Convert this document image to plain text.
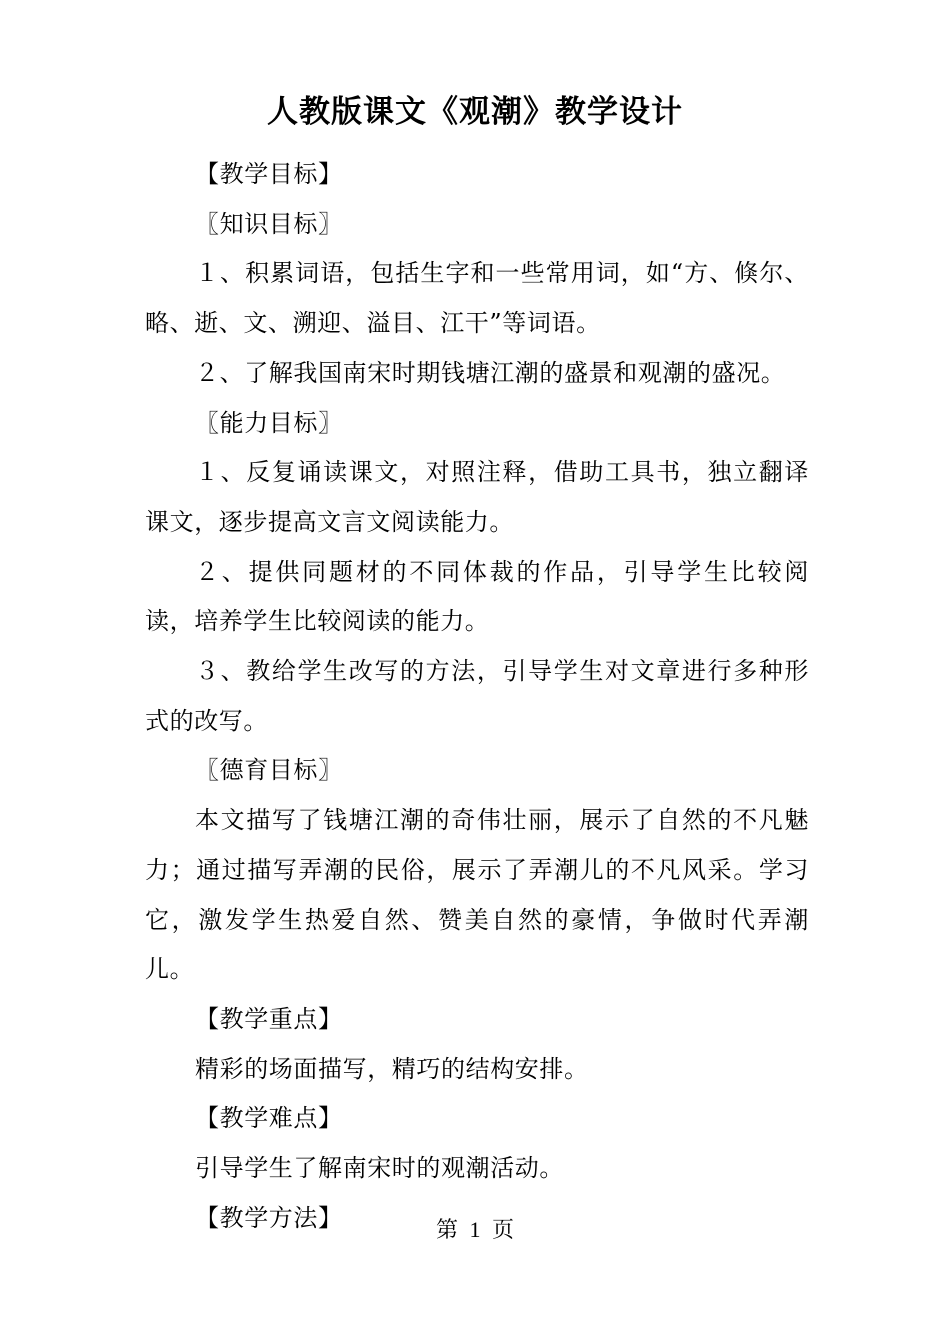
人教版课文《观潮》教学设计

【教学目标】

〖知识目标〗

１、积累词语，包括生字和一些常用词，如“方、倏尔、略、逝、文、溯迎、溢目、江干”等词语。

２、了解我国南宋时期钱塘江潮的盛景和观潮的盛况。

〖能力目标〗

１、反复诵读课文，对照注释，借助工具书，独立翻译课文，逐步提高文言文阅读能力。

２、提供同题材的不同体裁的作品，引导学生比较阅读，培养学生比较阅读的能力。

３、教给学生改写的方法，引导学生对文章进行多种形式的改写。

〖德育目标〗

本文描写了钱塘江潮的奇伟壮丽，展示了自然的不凡魅力；通过描写弄潮的民俗，展示了弄潮儿的不凡风采。学习它，激发学生热爱自然、赞美自然的豪情，争做时代弄潮儿。

【教学重点】

精彩的场面描写，精巧的结构安排。

【教学难点】

引导学生了解南宋时的观潮活动。

【教学方法】	第 1 页
